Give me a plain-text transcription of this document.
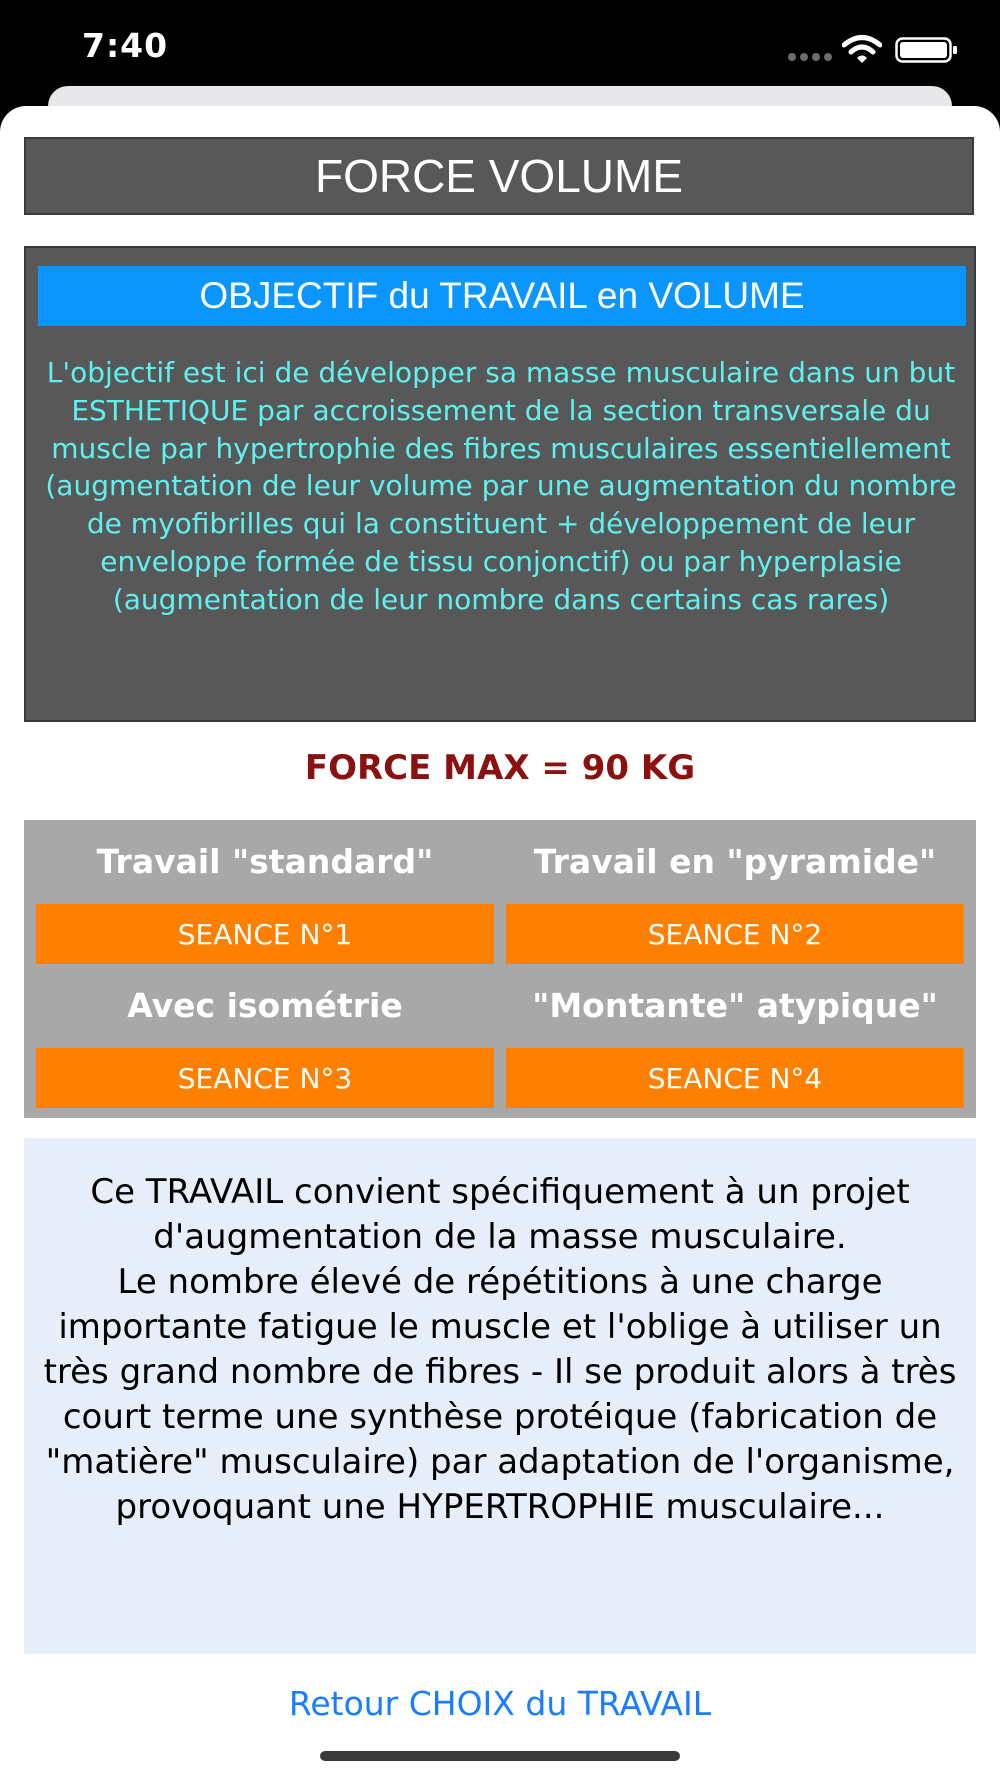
7:40
FORCE VOLUME
OBJECTIF du TRAVAIL en VOLUME
L'objectif est ici de développer sa masse musculaire dans un but ESTHETIQUE par accroissement de la section transversale du muscle par hypertrophie des fibres musculaires essentiellement (augmentation de leur volume par une augmentation du nombre de myofibrilles qui la constituent + développement de leur enveloppe formée de tissu conjonctif) ou par hyperplasie (augmentation de leur nombre dans certains cas rares)
FORCE MAX = 90 KG
Travail "standard"	Travail en "pyramide"
SEANCE N°1	SEANCE N°2
Avec isométrie	"Montante" atypique"
SEANCE N°3	SEANCE N°4
Ce TRAVAIL convient spécifiquement à un projet d'augmentation de la masse musculaire.
Le nombre élevé de répétitions à une charge importante fatigue le muscle et l'oblige à utiliser un très grand nombre de fibres - Il se produit alors à très court terme une synthèse protéique (fabrication de "matière" musculaire) par adaptation de l'organisme, provoquant une HYPERTROPHIE musculaire...
Retour CHOIX du TRAVAIL
